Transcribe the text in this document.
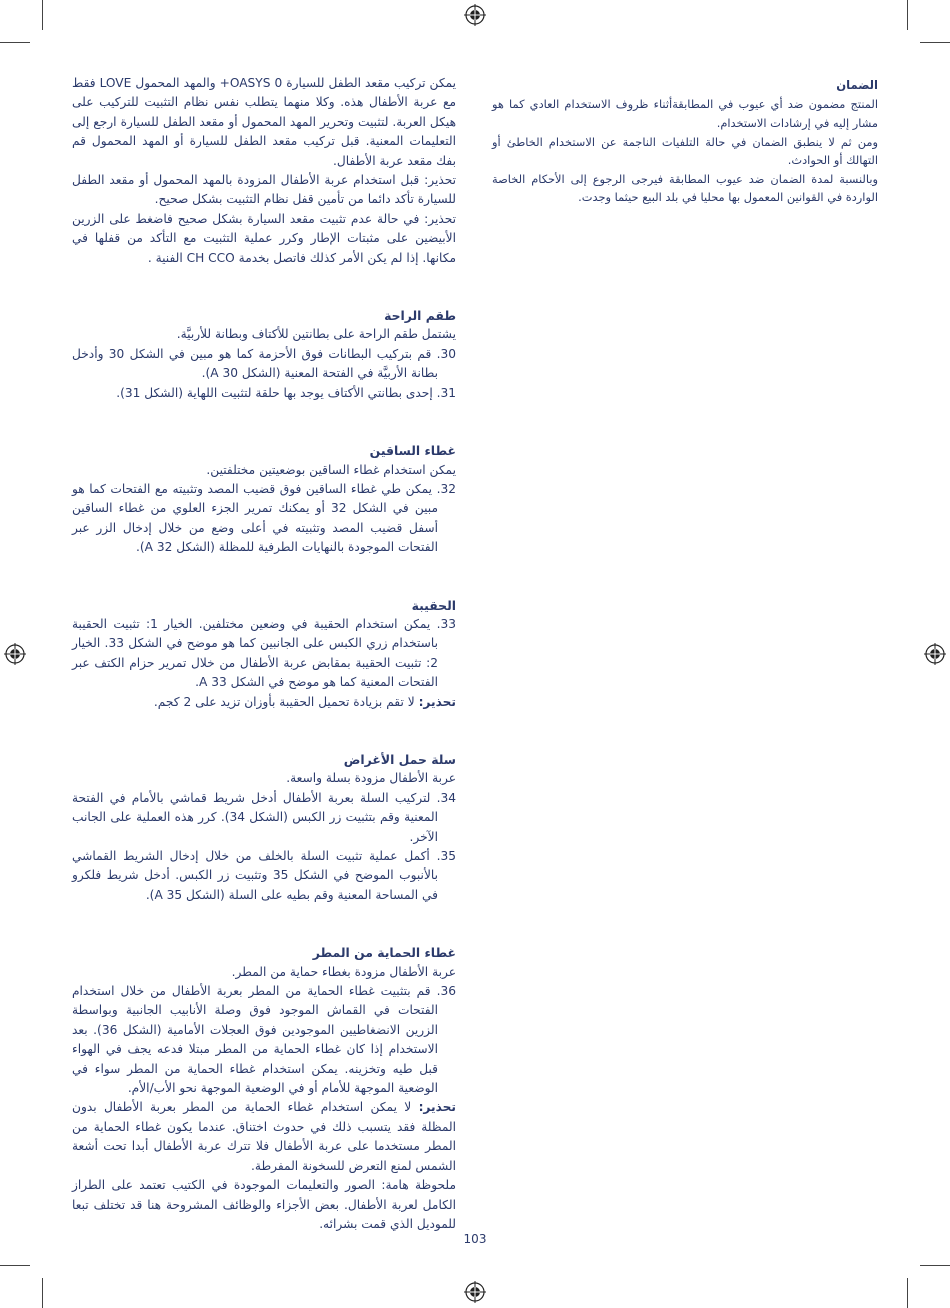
الضمان

المنتج مضمون ضد أي عيوب في المطابقةأثناء ظروف الاستخدام العادي كما هو مشار إليه في إرشادات الاستخدام.

ومن ثم لا ينطبق الضمان في حالة التلفيات الناجمة عن الاستخدام الخاطئ أو التهالك أو الحوادث.

وبالنسبة لمدة الضمان ضد عيوب المطابقة فيرجى الرجوع إلى الأحكام الخاصة الواردة في القوانين المعمول بها محليا في بلد البيع حيثما وجدت.

يمكن تركيب مقعد الطفل للسيارة OASYS 0+ والمهد المحمول LOVE فقط مع عربة الأطفال هذه. وكلا منهما يتطلب نفس نظام التثبيت للتركيب على هيكل العربة. لتثبيت وتحرير المهد المحمول أو مقعد الطفل للسيارة ارجع إلى التعليمات المعنية. قبل تركيب مقعد الطفل للسيارة أو المهد المحمول قم بفك مقعد عربة الأطفال.

تحذير: قبل استخدام عربة الأطفال المزودة بالمهد المحمول أو مقعد الطفل للسيارة تأكد دائما من تأمين قفل نظام التثبيت بشكل صحيح.

تحذير: في حالة عدم تثبيت مقعد السيارة بشكل صحيح فاضغط على الزرين الأبيضين على مثبتات الإطار وكرر عملية التثبيت مع التأكد من قفلها في مكانها. إذا لم يكن الأمر كذلك فاتصل بخدمة CH CCO الفنية .

طقم الراحة

يشتمل طقم الراحة على بطانتين للأكتاف وبطانة للأربيَّة.

30. قم بتركيب البطانات فوق الأحزمة كما هو مبين في الشكل 30 وأدخل بطانة الأربيَّة في الفتحة المعنية (الشكل 30 A).

31. إحدى بطانتي الأكتاف يوجد بها حلقة لتثبيت اللهاية (الشكل 31).

غطاء الساقين

يمكن استخدام غطاء الساقين بوضعيتين مختلفتين.

32. يمكن طي غطاء الساقين فوق قضيب المصد وتثبيته مع الفتحات كما هو مبين في الشكل 32 أو يمكنك تمرير الجزء العلوي من غطاء الساقين أسفل قضيب المصد وتثبيته في أعلى وضع من خلال إدخال الزر عبر الفتحات الموجودة بالنهايات الطرفية للمظلة (الشكل 32 A).

الحقيبة

33. يمكن استخدام الحقيبة في وضعين مختلفين. الخيار 1: تثبيت الحقيبة باستخدام زري الكبس على الجانبين كما هو موضح في الشكل 33. الخيار 2: تثبيت الحقيبة بمقابض عربة الأطفال من خلال تمرير حزام الكتف عبر الفتحات المعنية كما هو موضح في الشكل 33 A.

تحذير: لا تقم بزيادة تحميل الحقيبة بأوزان تزيد على 2 كجم.

سلة حمل الأغراض

عربة الأطفال مزودة بسلة واسعة.

34. لتركيب السلة بعربة الأطفال أدخل شريط قماشي بالأمام في الفتحة المعنية وقم بتثبيت زر الكبس (الشكل 34). كرر هذه العملية على الجانب الآخر.

35. أكمل عملية تثبيت السلة بالخلف من خلال إدخال الشريط القماشي بالأنبوب الموضح في الشكل 35 وتثبيت زر الكبس. أدخل شريط فلكرو في المساحة المعنية وقم بطيه على السلة (الشكل 35 A).

غطاء الحماية من المطر

عربة الأطفال مزودة بغطاء حماية من المطر.

36. قم بتثبيت غطاء الحماية من المطر بعربة الأطفال من خلال استخدام الفتحات في القماش الموجود فوق وصلة الأنابيب الجانبية وبواسطة الزرين الانضغاطيين الموجودين فوق العجلات الأمامية (الشكل 36). بعد الاستخدام إذا كان غطاء الحماية من المطر مبتلا فدعه يجف في الهواء قبل طيه وتخزينه. يمكن استخدام غطاء الحماية من المطر سواء في الوضعية الموجهة للأمام أو في الوضعية الموجهة نحو الأب/الأم.

تحذير: لا يمكن استخدام غطاء الحماية من المطر بعربة الأطفال بدون المظلة فقد يتسبب ذلك في حدوث اختناق. عندما يكون غطاء الحماية من المطر مستخدما على عربة الأطفال فلا تترك عربة الأطفال أبدا تحت أشعة الشمس لمنع التعرض للسخونة المفرطة.

ملحوظة هامة: الصور والتعليمات الموجودة في الكتيب تعتمد على الطراز الكامل لعربة الأطفال. بعض الأجزاء والوظائف المشروحة هنا قد تختلف تبعا للموديل الذي قمت بشرائه.

103
